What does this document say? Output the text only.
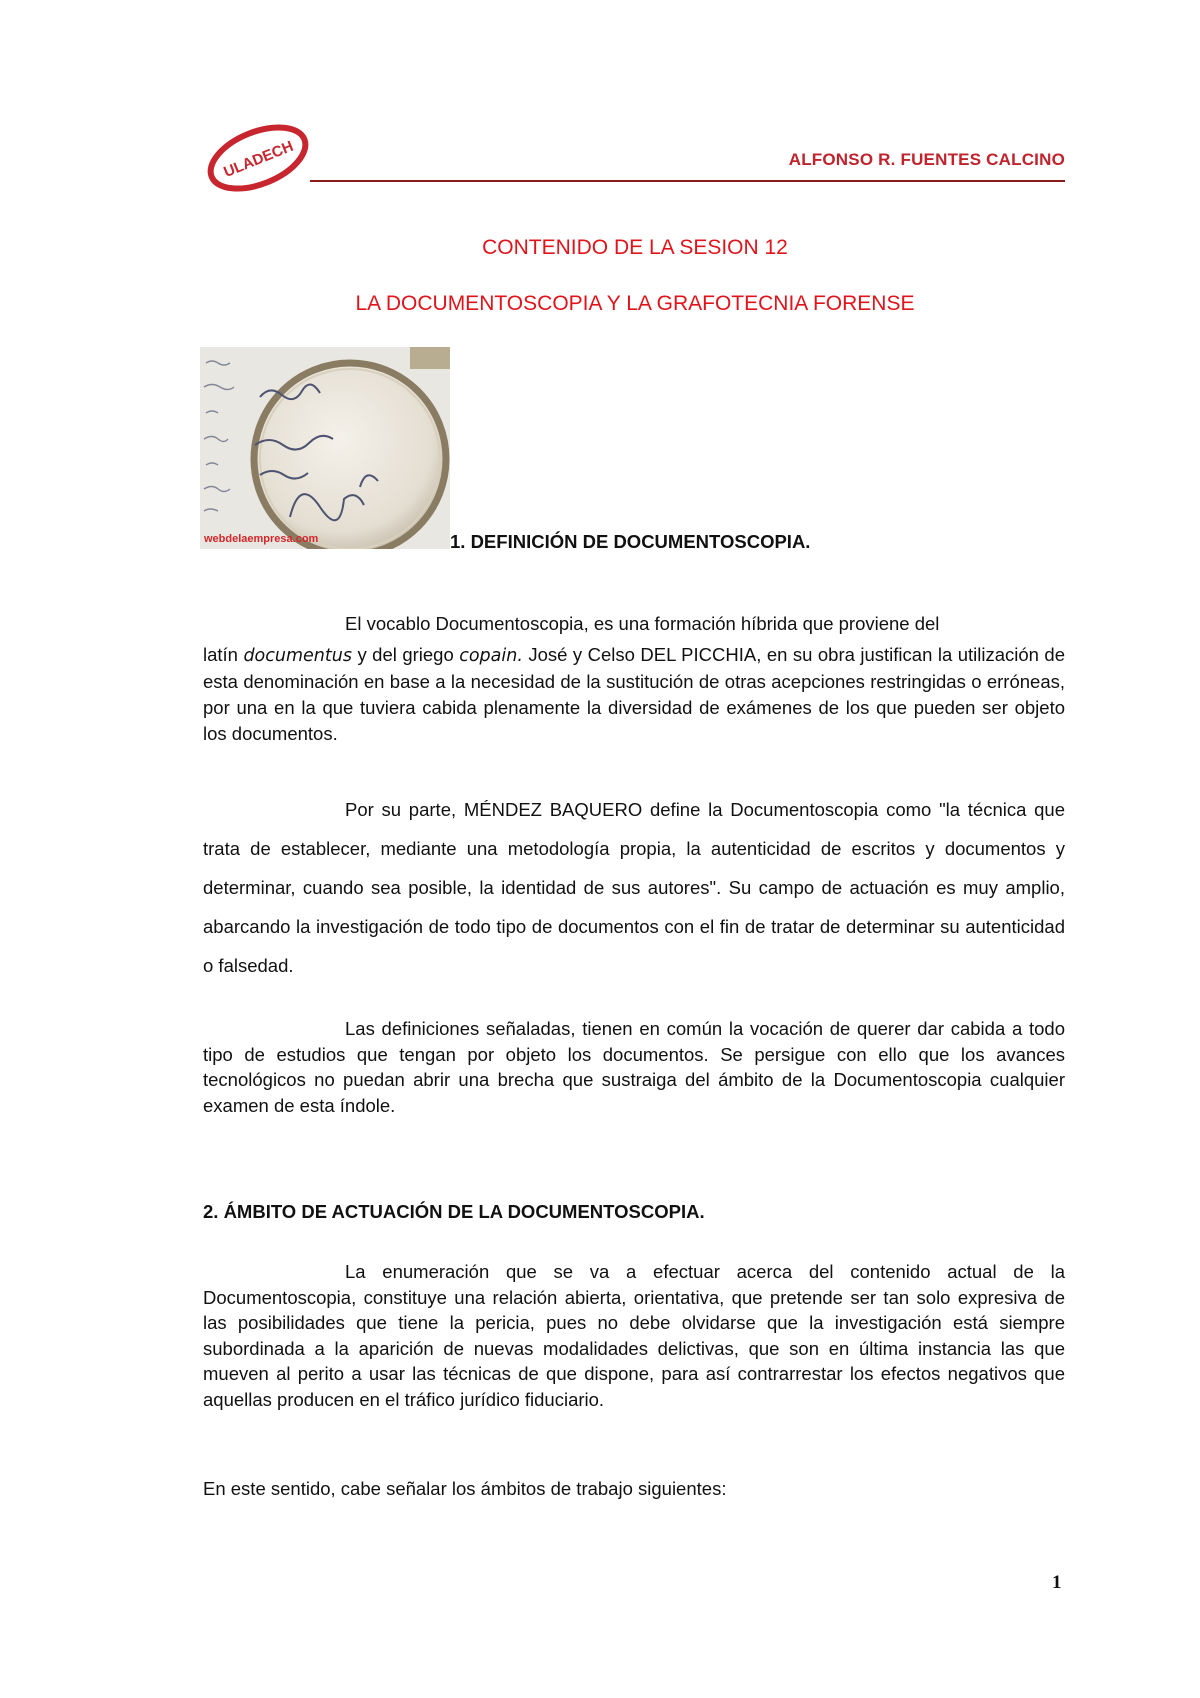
ULADECH	ALFONSO R. FUENTES CALCINO
CONTENIDO DE LA SESION 12
LA DOCUMENTOSCOPIA Y LA GRAFOTECNIA FORENSE
webdelaempresa.com	1. DEFINICIÓN DE DOCUMENTOSCOPIA.
El vocablo Documentoscopia, es una formación híbrida que proviene del
latín documentus y del griego copain. José y Celso DEL PICCHIA, en su obra justifican la utilización de esta denominación en base a la necesidad de la sustitución de otras acepciones restringidas o erróneas, por una en la que tuviera cabida plenamente la diversidad de exámenes de los que pueden ser objeto los documentos.
Por su parte, MÉNDEZ BAQUERO define la Documentoscopia como "la técnica que trata de establecer, mediante una metodología propia, la autenticidad de escritos y documentos y determinar, cuando sea posible, la identidad de sus autores". Su campo de actuación es muy amplio, abarcando la investigación de todo tipo de documentos con el fin de tratar de determinar su autenticidad o falsedad.
Las definiciones señaladas, tienen en común la vocación de querer dar cabida a todo tipo de estudios que tengan por objeto los documentos. Se persigue con ello que los avances tecnológicos no puedan abrir una brecha que sustraiga del ámbito de la Documentoscopia cualquier examen de esta índole.
2. ÁMBITO DE ACTUACIÓN DE LA DOCUMENTOSCOPIA.
La enumeración que se va a efectuar acerca del contenido actual de la Documentoscopia, constituye una relación abierta, orientativa, que pretende ser tan solo expresiva de las posibilidades que tiene la pericia, pues no debe olvidarse que la investigación está siempre subordinada a la aparición de nuevas modalidades delictivas, que son en última instancia las que mueven al perito a usar las técnicas de que dispone, para así contrarrestar los efectos negativos que aquellas producen en el tráfico jurídico fiduciario.
En este sentido, cabe señalar los ámbitos de trabajo siguientes:
1
